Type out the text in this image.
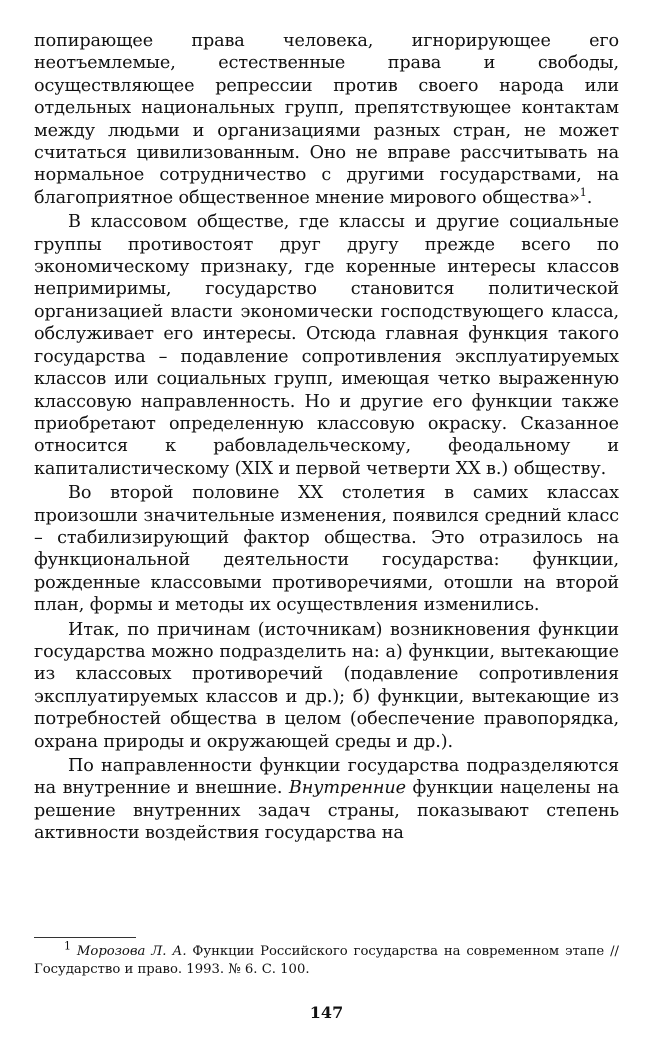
попирающее права человека, игнорирующее его неотъемлемые, естественные права и свободы, осуществляющее репрессии против своего народа или отдельных национальных групп, препятствующее контактам между людьми и организациями разных стран, не может считаться цивилизованным. Оно не вправе рассчитывать на нормальное сотрудничество с другими государствами, на благоприятное общественное мнение мирового общества»$^1$.

В классовом обществе, где классы и другие социальные группы противостоят друг другу прежде всего по экономическому признаку, где коренные интересы классов непримиримы, государство становится политической организацией власти экономически господствующего класса, обслуживает его интересы. Отсюда главная функция такого государства – подавление сопротивления эксплуатируемых классов или социальных групп, имеющая четко выраженную классовую направленность. Но и другие его функции также приобретают определенную классовую окраску. Сказанное относится к рабовладельческому, феодальному и капиталистическому (XIX и первой четверти XX в.) обществу.

Во второй половине XX столетия в самих классах произошли значительные изменения, появился средний класс – стабилизирующий фактор общества. Это отразилось на функциональной деятельности государства: функции, рожденные классовыми противоречиями, отошли на второй план, формы и методы их осуществления изменились.

Итак, по причинам (источникам) возникновения функции государства можно подразделить на: а) функции, вытекающие из классовых противоречий (подавление сопротивления эксплуатируемых классов и др.); б) функции, вытекающие из потребностей общества в целом (обеспечение правопорядка, охрана природы и окружающей среды и др.).

По направленности функции государства подразделяются на внутренние и внешние. Внутренние функции нацелены на решение внутренних задач страны, показывают степень активности воздействия государства на

$^1$ Морозова Л. А. Функции Российского государства на современном этапе // Государство и право. 1993. № 6. С. 100.
147
